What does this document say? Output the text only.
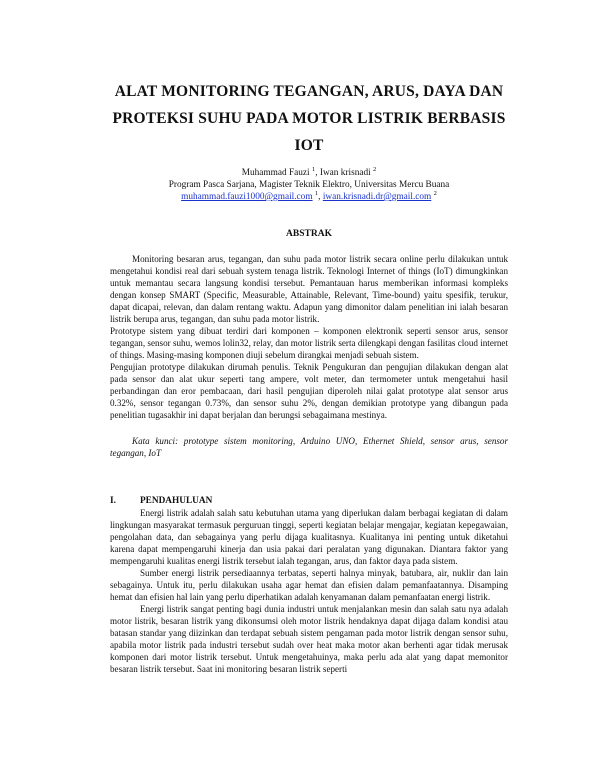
ALAT MONITORING TEGANGAN, ARUS, DAYA DAN
PROTEKSI SUHU PADA MOTOR LISTRIK BERBASIS
IOT
Muhammad Fauzi $^1$, Iwan krisnadi $^2$
Program Pasca Sarjana, Magister Teknik Elektro, Universitas Mercu Buana
muhammad.fauzi1000@gmail.com $^1$, iwan.krisnadi.dr@gmail.com $^2$
ABSTRAK

Monitoring besaran arus, tegangan, dan suhu pada motor listrik secara online perlu dilakukan untuk mengetahui kondisi real dari sebuah system tenaga listrik. Teknologi Internet of things (IoT) dimungkinkan untuk memantau secara langsung kondisi tersebut. Pemantauan harus memberikan informasi kompleks dengan konsep SMART (Specific, Measurable, Attainable, Relevant, Time-bound) yaitu spesifik, terukur, dapat dicapai, relevan, dan dalam rentang waktu. Adapun yang dimonitor dalam penelitian ini ialah besaran listrik berupa arus, tegangan, dan suhu pada motor listrik.

Prototype sistem yang dibuat terdiri dari komponen – komponen elektronik seperti sensor arus, sensor tegangan, sensor suhu, wemos lolin32, relay, dan motor listrik serta dilengkapi dengan fasilitas cloud internet of things. Masing-masing komponen diuji sebelum dirangkai menjadi sebuah sistem.

Pengujian prototype dilakukan dirumah penulis. Teknik Pengukuran dan pengujian dilakukan dengan alat pada sensor dan alat ukur seperti tang ampere, volt meter, dan termometer untuk mengetahui hasil perbandingan dan eror pembacaan, dari hasil pengujian diperoleh nilai galat prototype alat sensor arus 0.32%, sensor tegangan 0.73%, dan sensor suhu 2%, dengan demikian prototype yang dibangun pada penelitian tugasakhir ini dapat berjalan dan berungsi sebagaimana mestinya.

Kata kunci: prototype sistem monitoring, Arduino UNO, Ethernet Shield, sensor arus, sensor tegangan, IoT
I.	PENDAHULUAN

Energi listrik adalah salah satu kebutuhan utama yang diperlukan dalam berbagai kegiatan di dalam lingkungan masyarakat termasuk perguruan tinggi, seperti kegiatan belajar mengajar, kegiatan kepegawaian, pengolahan data, dan sebagainya yang perlu dijaga kualitasnya. Kualitanya ini penting untuk diketahui karena dapat mempengaruhi kinerja dan usia pakai dari peralatan yang digunakan. Diantara faktor yang mempengaruhi kualitas energi listrik tersebut ialah tegangan, arus, dan faktor daya pada sistem.

Sumber energi listrik persediaannya terbatas, seperti halnya minyak, batubara, air, nuklir dan lain sebagainya. Untuk itu, perlu dilakukan usaha agar hemat dan efisien dalam pemanfaatannya. Disamping hemat dan efisien hal lain yang perlu diperhatikan adalah kenyamanan dalam pemanfaatan energi listrik.

Energi listrik sangat penting bagi dunia industri untuk menjalankan mesin dan salah satu nya adalah motor listrik, besaran listrik yang dikonsumsi oleh motor listrik hendaknya dapat dijaga dalam kondisi atau batasan standar yang diizinkan dan terdapat sebuah sistem pengaman pada motor listrik dengan sensor suhu, apabila motor listrik pada industri tersebut sudah over heat maka motor akan berhenti agar tidak merusak komponen dari motor listrik tersebut. Untuk mengetahuinya, maka perlu ada alat yang dapat memonitor besaran listrik tersebut. Saat ini monitoring besaran listrik seperti
